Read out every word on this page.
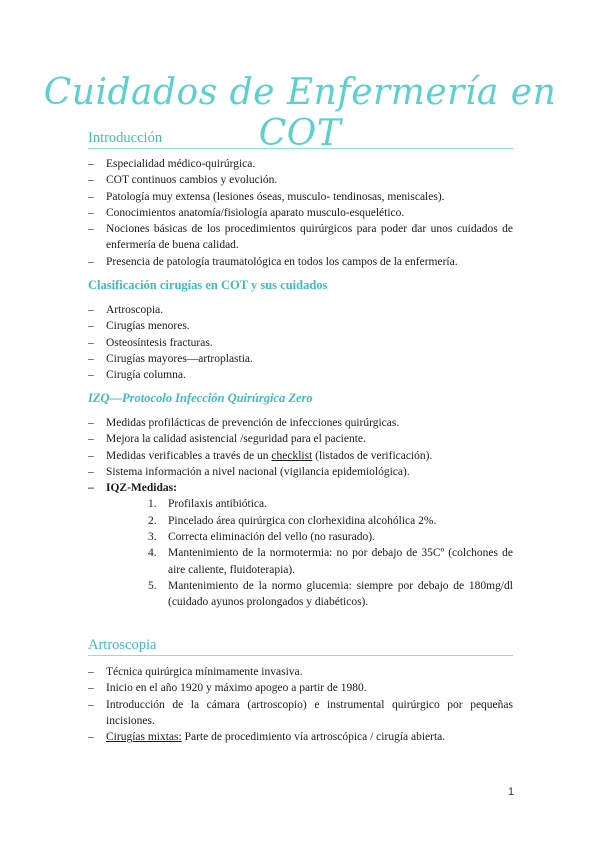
Cuidados de Enfermería en COT
Introducción
– Especialidad médico-quirúrgica.
– COT continuos cambios y evolución.
– Patología muy extensa (lesiones óseas, musculo- tendinosas, meniscales).
– Conocimientos anatomía/fisiología aparato musculo-esquelético.
– Nociones básicas de los procedimientos quirúrgicos para poder dar unos cuidados de enfermería de buena calidad.
– Presencia de patología traumatológica en todos los campos de la enfermería.
Clasificación cirugías en COT y sus cuidados
– Artroscopia.
– Cirugías menores.
– Osteosíntesis fracturas.
– Cirugías mayores—artroplastia.
– Cirugía columna.
IZQ—Protocolo Infección Quirúrgica Zero
– Medidas profilácticas de prevención de infecciones quirúrgicas.
– Mejora la calidad asistencial /seguridad para el paciente.
– Medidas verificables a través de un checklist (listados de verificación).
– Sistema información a nivel nacional (vigilancia epidemiológica).
– IQZ-Medidas:
1. Profilaxis antibiótica.
2. Pincelado área quirúrgica con clorhexidina alcohólica 2%.
3. Correcta eliminación del vello (no rasurado).
4. Mantenimiento de la normotermia: no por debajo de 35Cº (colchones de aire caliente, fluidoterapia).
5. Mantenimiento de la normo glucemia: siempre por debajo de 180mg/dl (cuidado ayunos prolongados y diabéticos).
Artroscopia
– Técnica quirúrgica mínimamente invasiva.
– Inicio en el año 1920 y máximo apogeo a partir de 1980.
– Introducción de la cámara (artroscopio) e instrumental quirúrgico por pequeñas incisiones.
– Cirugías mixtas: Parte de procedimiento vía artroscópica / cirugía abierta.
1
